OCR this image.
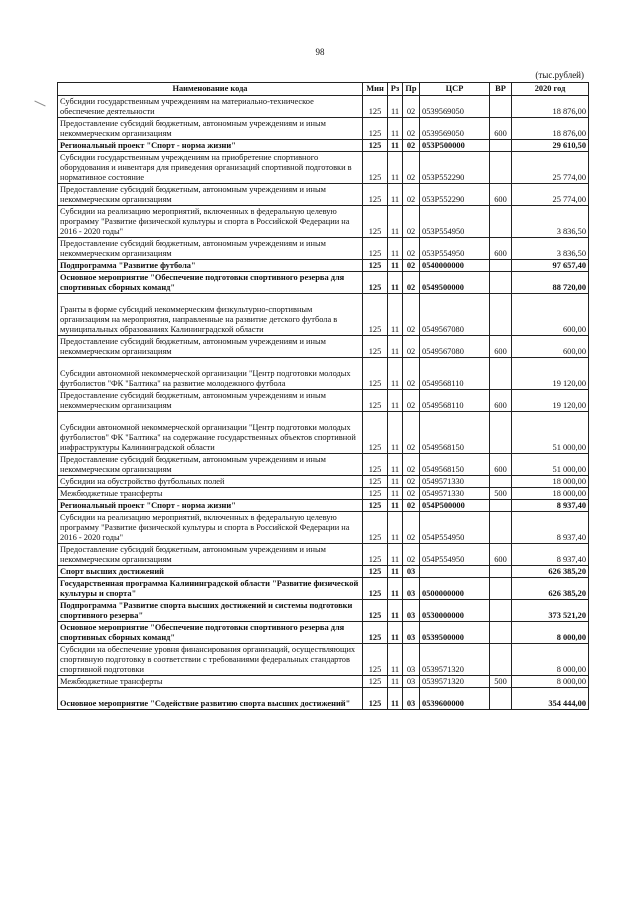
98
(тыс.рублей)
Наименование кода	Мин	Рз	Пр	ЦСР	ВР	2020 год
Субсидии государственным учреждениям на материально-техническое обеспечение деятельности	125	11	02	0539569050		18 876,00
Предоставление субсидий бюджетным, автономным учреждениям и иным некоммерческим организациям	125	11	02	0539569050	600	18 876,00
Региональный проект "Спорт - норма жизни"	125	11	02	053Р500000		29 610,50
Субсидии государственным учреждениям на приобретение спортивного оборудования и инвентаря для приведения организаций спортивной подготовки в нормативное состояние	125	11	02	053Р552290		25 774,00
Предоставление субсидий бюджетным, автономным учреждениям и иным некоммерческим организациям	125	11	02	053Р552290	600	25 774,00
Субсидии на реализацию мероприятий, включенных в федеральную целевую программу "Развитие физической культуры и спорта в Российской Федерации на 2016 - 2020 годы"	125	11	02	053Р554950		3 836,50
Предоставление субсидий бюджетным, автономным учреждениям и иным некоммерческим организациям	125	11	02	053Р554950	600	3 836,50
Подпрограмма "Развитие футбола"	125	11	02	0540000000		97 657,40
Основное мероприятие "Обеспечение подготовки спортивного резерва для спортивных сборных команд"	125	11	02	0549500000		88 720,00
Гранты в форме субсидий некоммерческим физкультурно-спортивным организациям на мероприятия, направленные на развитие детского футбола в муниципальных образованиях Калининградской области	125	11	02	0549567080		600,00
Предоставление субсидий бюджетным, автономным учреждениям и иным некоммерческим организациям	125	11	02	0549567080	600	600,00
Субсидии автономной некоммерческой организации "Центр подготовки молодых футболистов "ФК "Балтика" на развитие молодежного футбола	125	11	02	0549568110		19 120,00
Предоставление субсидий бюджетным, автономным учреждениям и иным некоммерческим организациям	125	11	02	0549568110	600	19 120,00
Субсидии автономной некоммерческой организации "Центр подготовки молодых футболистов" ФК "Балтика" на содержание государственных объектов спортивной инфраструктуры Калининградской области	125	11	02	0549568150		51 000,00
Предоставление субсидий бюджетным, автономным учреждениям и иным некоммерческим организациям	125	11	02	0549568150	600	51 000,00
Субсидии на обустройство футбольных полей	125	11	02	0549571330		18 000,00
Межбюджетные трансферты	125	11	02	0549571330	500	18 000,00
Региональный проект "Спорт - норма жизни"	125	11	02	054Р500000		8 937,40
Субсидии на реализацию мероприятий, включенных в федеральную целевую программу "Развитие физической культуры и спорта в Российской Федерации на 2016 - 2020 годы"	125	11	02	054Р554950		8 937,40
Предоставление субсидий бюджетным, автономным учреждениям и иным некоммерческим организациям	125	11	02	054Р554950	600	8 937,40
Спорт высших достижений	125	11	03			626 385,20
Государственная программа Калининградской области "Развитие физической культуры и спорта"	125	11	03	0500000000		626 385,20
Подпрограмма "Развитие спорта высших достижений и системы подготовки спортивного резерва"	125	11	03	0530000000		373 521,20
Основное мероприятие "Обеспечение подготовки спортивного резерва для спортивных сборных команд"	125	11	03	0539500000		8 000,00
Субсидии на обеспечение уровня финансирования организаций, осуществляющих спортивную подготовку в соответствии с требованиями федеральных стандартов спортивной подготовки	125	11	03	0539571320		8 000,00
Межбюджетные трансферты	125	11	03	0539571320	500	8 000,00
Основное мероприятие "Содействие развитию спорта высших достижений"	125	11	03	0539600000		354 444,00
